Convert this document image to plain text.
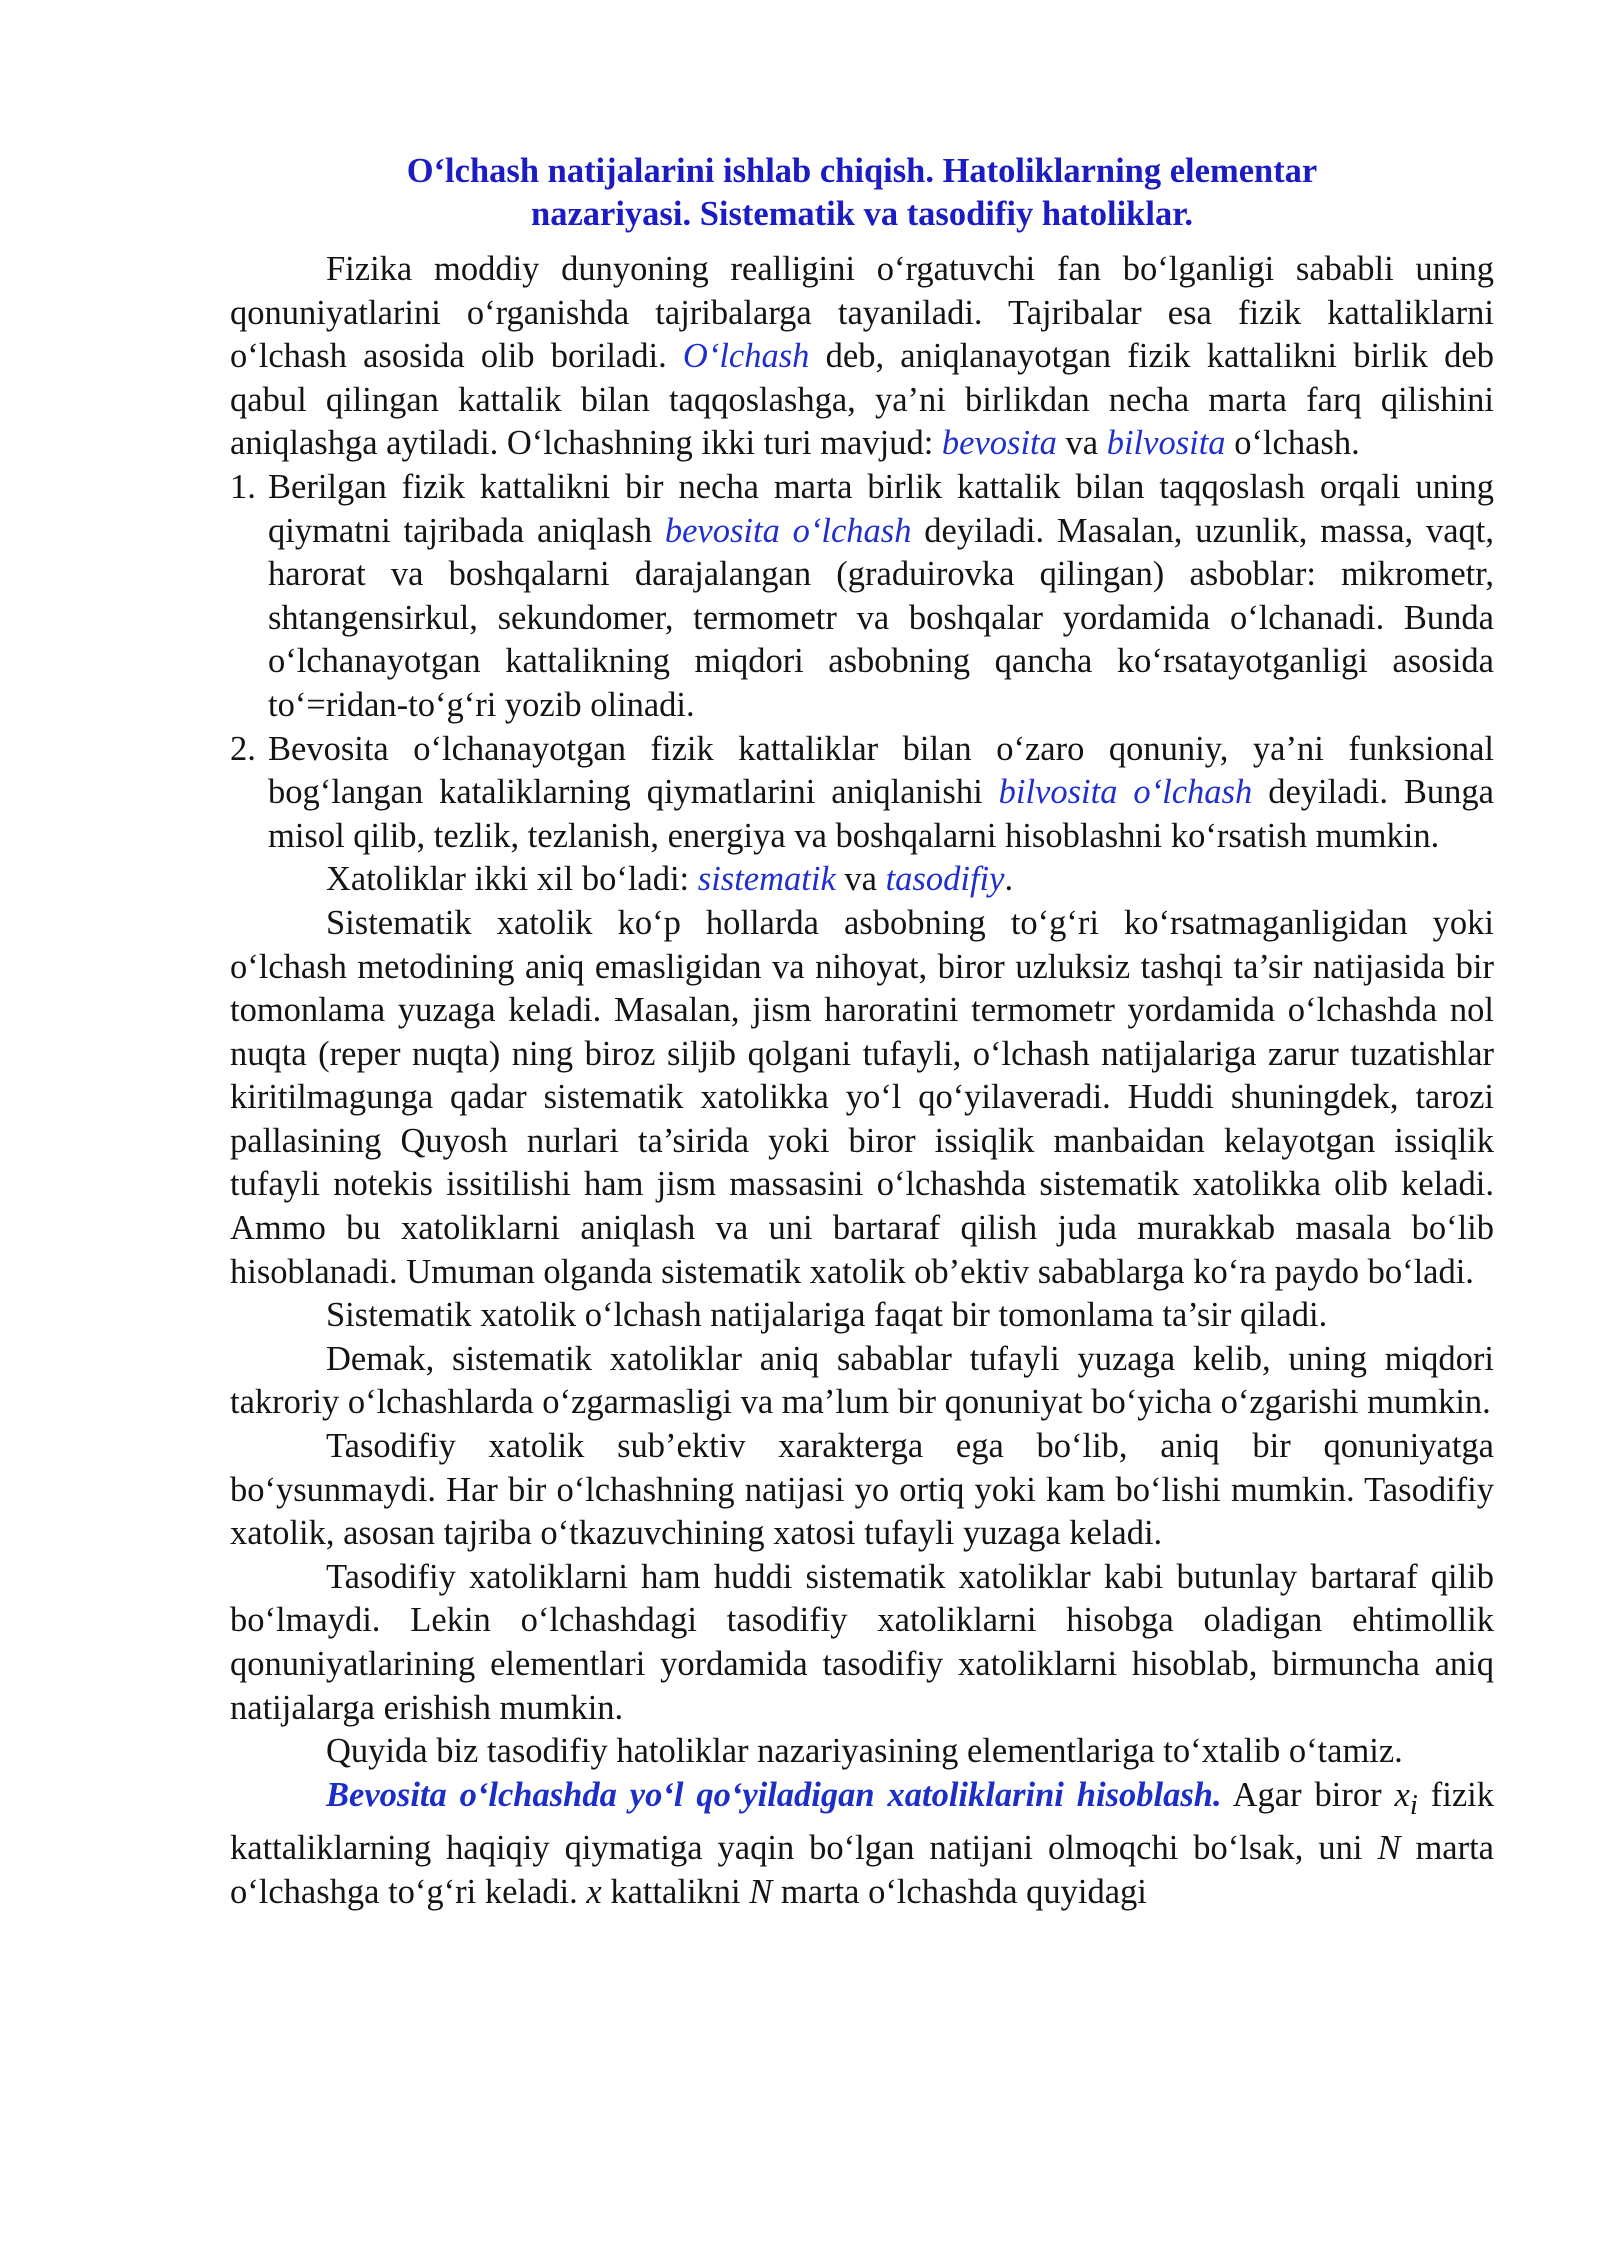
O‘lchash natijalarini ishlab chiqish. Hatoliklarning elementar
nazariyasi. Sistematik va tasodifiy hatoliklar.

Fizika moddiy dunyoning realligini o‘rgatuvchi fan bo‘lganligi sababli uning qonuniyatlarini o‘rganishda tajribalarga tayaniladi. Tajribalar esa fizik kattaliklarni o‘lchash asosida olib boriladi. O‘lchash deb, aniqlanayotgan fizik kattalikni birlik deb qabul qilingan kattalik bilan taqqoslashga, ya’ni birlikdan necha marta farq qilishini aniqlashga aytiladi. O‘lchashning ikki turi mavjud: bevosita va bilvosita o‘lchash.

1. Berilgan fizik kattalikni bir necha marta birlik kattalik bilan taqqoslash orqali uning qiymatni tajribada aniqlash bevosita o‘lchash deyiladi. Masalan, uzunlik, massa, vaqt, harorat va boshqalarni darajalangan (graduirovka qilingan) asboblar: mikrometr, shtangensirkul, sekundomer, termometr va boshqalar yordamida o‘lchanadi. Bunda o‘lchanayotgan kattalikning miqdori asbobning qancha ko‘rsatayotganligi asosida to‘=ridan-to‘g‘ri yozib olinadi.
2. Bevosita o‘lchanayotgan fizik kattaliklar bilan o‘zaro qonuniy, ya’ni funksional bog‘langan kataliklarning qiymatlarini aniqlanishi bilvosita o‘lchash deyiladi. Bunga misol qilib, tezlik, tezlanish, energiya va boshqalarni hisoblashni ko‘rsatish mumkin.

Xatoliklar ikki xil bo‘ladi: sistematik va tasodifiy.

Sistematik xatolik ko‘p hollarda asbobning to‘g‘ri ko‘rsatmaganligidan yoki o‘lchash metodining aniq emasligidan va nihoyat, biror uzluksiz tashqi ta’sir natijasida bir tomonlama yuzaga keladi. Masalan, jism haroratini termometr yordamida o‘lchashda nol nuqta (reper nuqta) ning biroz siljib qolgani tufayli, o‘lchash natijalariga zarur tuzatishlar kiritilmagunga qadar sistematik xatolikka yo‘l qo‘yilaveradi. Huddi shuningdek, tarozi pallasining Quyosh nurlari ta’sirida yoki biror issiqlik manbaidan kelayotgan issiqlik tufayli notekis issitilishi ham jism massasini o‘lchashda sistematik xatolikka olib keladi. Ammo bu xatoliklarni aniqlash va uni bartaraf qilish juda murakkab masala bo‘lib hisoblanadi. Umuman olganda sistematik xatolik ob’ektiv sabablarga ko‘ra paydo bo‘ladi.

Sistematik xatolik o‘lchash natijalariga faqat bir tomonlama ta’sir qiladi.

Demak, sistematik xatoliklar aniq sabablar tufayli yuzaga kelib, uning miqdori takroriy o‘lchashlarda o‘zgarmasligi va ma’lum bir qonuniyat bo‘yicha o‘zgarishi mumkin.

Tasodifiy xatolik sub’ektiv xarakterga ega bo‘lib, aniq bir qonuniyatga bo‘ysunmaydi. Har bir o‘lchashning natijasi yo ortiq yoki kam bo‘lishi mumkin. Tasodifiy xatolik, asosan tajriba o‘tkazuvchining xatosi tufayli yuzaga keladi.

Tasodifiy xatoliklarni ham huddi sistematik xatoliklar kabi butunlay bartaraf qilib bo‘lmaydi. Lekin o‘lchashdagi tasodifiy xatoliklarni hisobga oladigan ehtimollik qonuniyatlarining elementlari yordamida tasodifiy xatoliklarni hisoblab, birmuncha aniq natijalarga erishish mumkin.

Quyida biz tasodifiy hatoliklar nazariyasining elementlariga to‘xtalib o‘tamiz.

Bevosita o‘lchashda yo‘l qo‘yiladigan xatoliklarini hisoblash. Agar biror $x_i$ fizik kattaliklarning haqiqiy qiymatiga yaqin bo‘lgan natijani olmoqchi bo‘lsak, uni N marta o‘lchashga to‘g‘ri keladi. x kattalikni N marta o‘lchashda quyidagi
